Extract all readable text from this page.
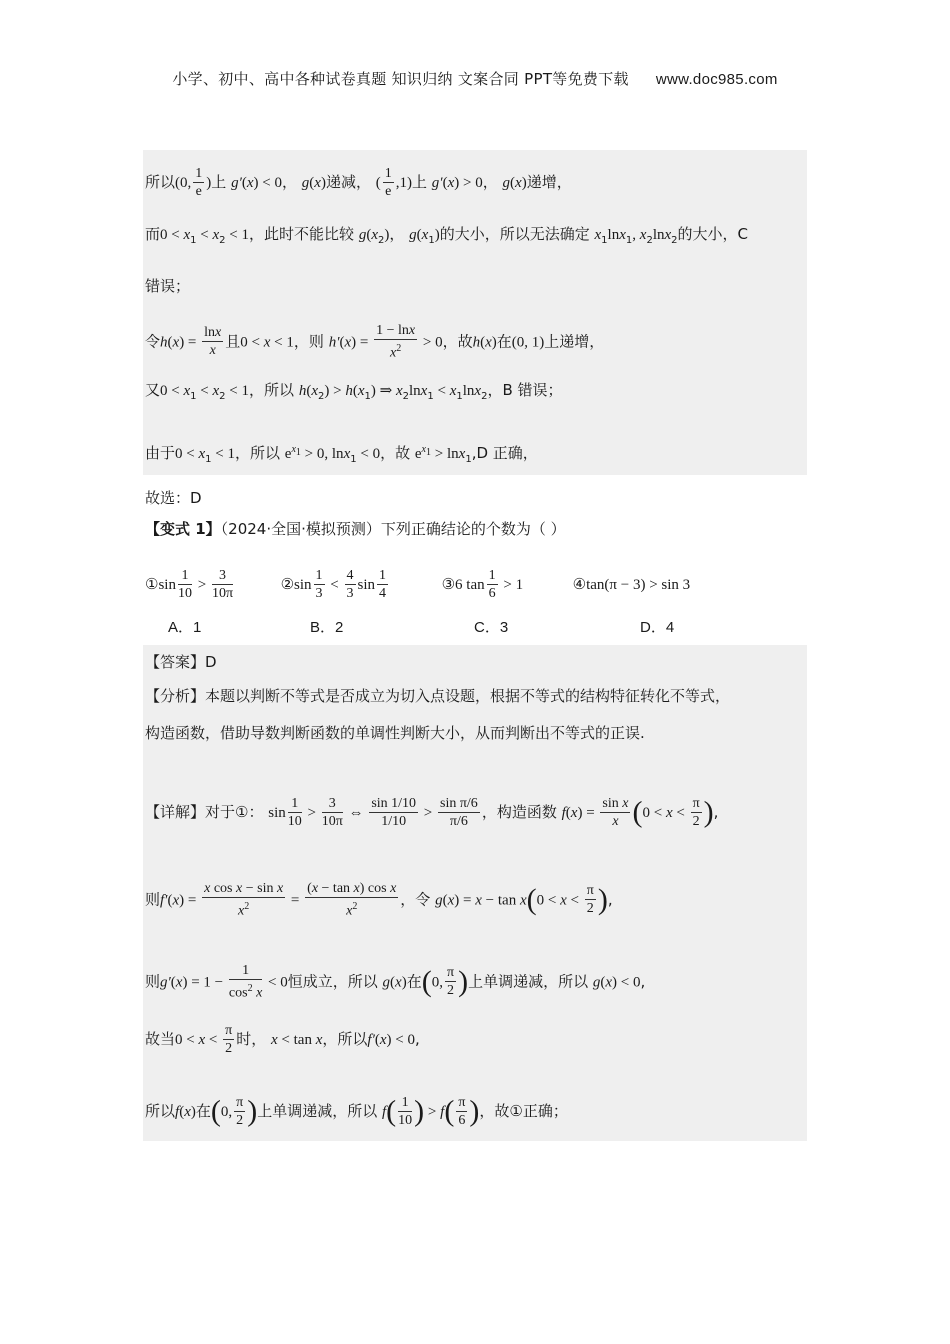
小学、初中、高中各种试卷真题 知识归纳 文案合同 PPT等免费下载 www.doc985.com
所以(0, $\frac{1}{e}$ )上 g′(x) < 0， g(x)递减， ( $\frac{1}{e} ,1$)上 g′(x) > 0， g(x)递增，
而$0 < x_1 < x_2 < 1$，此时不能比较 $g(x_2)$， $g(x_1)$的大小，所以无法确定 $x_1\ln x_1$, $x_2\ln x_2$的大小，C
错误；
令$h(x) = \frac{\ln x}{x}$ 且0 < x < 1，则 $h'(x) = \frac{1 - \ln x}{x^2} > 0$，故h(x)在(0, 1)上递增，
又$0 < x_1 < x_2 < 1$，所以 $h(x_2) > h(x_1)$ ⇒ $x_2\ln x_1 < x_1\ln x_2$，B 错误；
由于$0 < x_1 < 1$，所以 $e^{x_1} > 0$, lnx$_1$ < 0，故 $e^{x_1} > \ln x_1,D$ 正确，
故选：D
【变式 1】（2024·全国·模拟预测）下列正确结论的个数为（ ）
①sin $\frac{1}{10} > \frac{3}{10\pi}$	②sin $\frac{1}{3} < \frac{4}{3}$ $\sin \frac{1}{4}$	③6 $\tan \frac{1}{6} > 1$	④tan(π − 3) > sin 3
A．1	B．2	C．3	D．4
【答案】D
【分析】本题以判断不等式是否成立为切入点设题，根据不等式的结构特征转化不等式，
构造函数，借助导数判断函数的单调性判断大小，从而判断出不等式的正误.
【详解】对于①： $\sin \frac{1}{10} > \frac{3}{10\pi}$ ⇔ $\frac{\sin 1/10}{1/10} > \frac{\text{sin π/6}}{\pi/6}$ ，构造函数 $f(x) = \frac{\text{sin x}}{x} (0 < x < \frac{\pi}{2}$ ),
则$f'(x) = \frac{\text{x cos x − sin x}}{x^2} = \frac{\text{(x − tan x) cos x}}{x^2}$ ，令 $g(x) = x - \tan x(0 < x < \frac{\pi}{2}$ ),
则$g'(x) = 1 - \frac{1}{\cos^2 x} < 0$恒成立，所以 g(x)在(0, $\frac{\pi}{2}$ )上单调递减，所以 g(x) < 0,
故当$0 < x < \frac{\pi}{2}$ 时， x < tan x，所以f′(x) < 0,
所以f(x)在(0, $\frac{\pi}{2}$ )上单调递减，所以 $f( \frac{1}{10}$ ) > $f( \frac{\pi}{6}$ )，故①正确；
